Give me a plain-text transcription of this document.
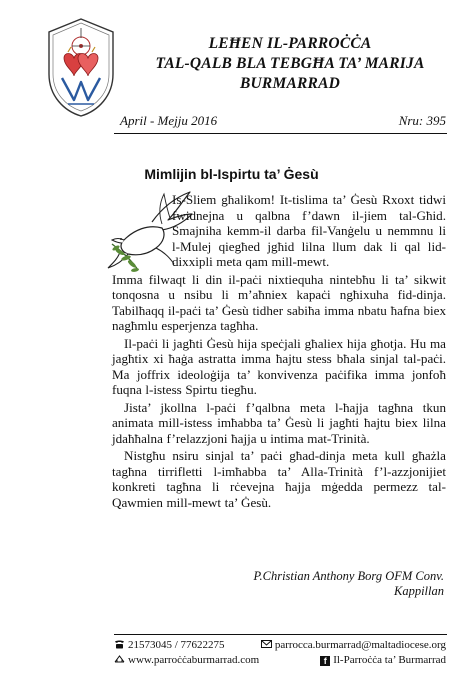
LEĦEN IL-PARROĊĊA
TAL-QALB BLA TEBGĦA TA’ MARIJA
BURMARRAD
April - Mejju 2016	Nru: 395
Mimlijin bl-Ispirtu ta’ Ġesù

Is-Sliem għalikom! It-tislima ta’ Ġesù Rxoxt tidwi fwidnejna u qalbna f’dawn il-jiem tal-Għid. Smajniha kemm-il darba fil-Vanġelu u nemmnu li l-Mulej qiegħed jgħid lilna llum dak li qal lid-dixxipli meta qam mill-mewt.

Imma filwaqt li din il-paċi nixtiequha nintebħu li ta’ sikwit tonqosna u nsibu li m’aħniex kapaċi ngħixuha fid-dinja. Tabilħaqq il-paċi ta’ Ġesù tidher sabiħa imma nbatu ħafna biex nagħmlu esperjenza tagħha.

Il-paċi li jagħti Ġesù hija speċjali għaliex hija għotja. Hu ma jagħtix xi ħaġa astratta imma ħajtu stess bħala sinjal tal-paċi. Ma joffrix ideoloġija ta’ konvivenza paċifika imma jonfoħ fuqna l-istess Spirtu tiegħu.

Jista’ jkollna l-paċi f’qalbna meta l-ħajja tagħna tkun animata mill-istess imħabba ta’ Ġesù li jagħti ħajtu biex lilna jdaħħalna f’relazzjoni ħajja u intima mat-Trinità.

Nistgħu nsiru sinjal ta’ paċi għad-dinja meta kull għażla tagħna tirrifletti l-imħabba ta’ Alla-Trinità f’l-azzjonijiet konkreti tagħna li rċevejna ħajja mġedda permezz tal-Qawmien mill-mewt ta’ Ġesù.

P.Christian Anthony Borg OFM Conv.
Kappillan
21573045 / 77622275	parrocca.burmarrad@maltadiocese.org
www.parroċċaburmarrad.com	f Il-Parroċċa ta’ Burmarrad
